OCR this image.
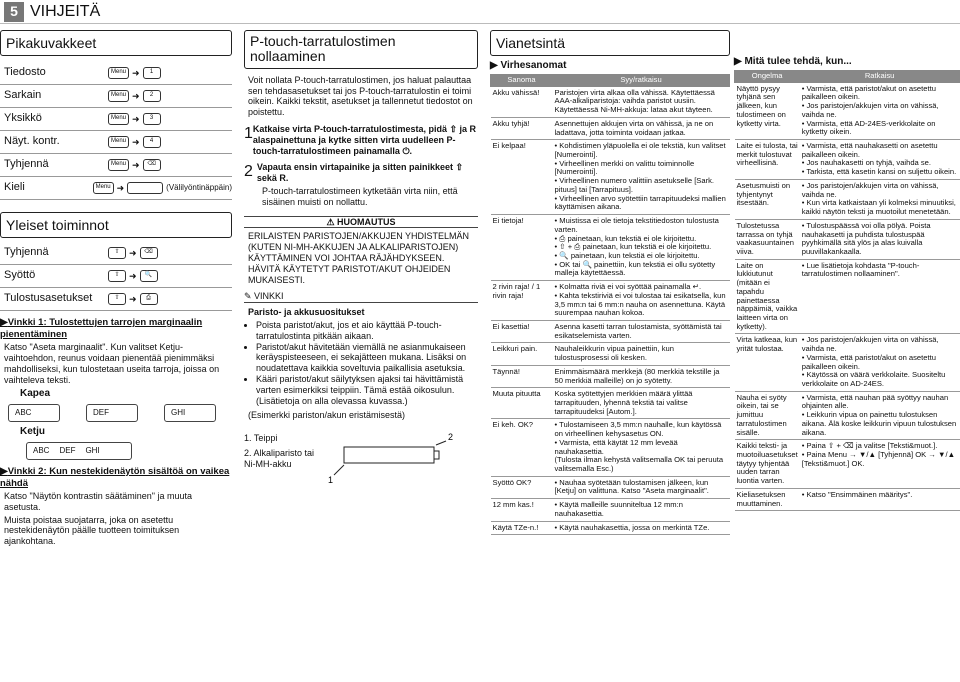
5 VIHJEITÄ
Pikakuvakkeet
Tiedosto	Menu ➜	1
Sarkain	Menu ➜	2
Yksikkö	Menu ➜	3
Näyt. kontr.	Menu ➜	4
Tyhjennä	Menu ➜	⌫
Kieli	Menu ➜	(Välilyöntinäppäin)
Yleiset toiminnot
Tyhjennä	⇧	➜	⌫
Syöttö	⇧	➜	🔍
Tulostusasetukset	⇧	➜	⎙
▶Vinkki 1: Tulostettujen tarrojen marginaalin pienentäminen

Katso "Aseta marginaalit". Kun valitset Ketju-vaihtoehdon, reunus voidaan pienentää pienimmäksi mahdolliseksi, kun tulostetaan useita tarroja, joissa on vaihteleva teksti.

Kapea

ABC	DEF	GHI

Ketju

ABC DEF GHI
▶Vinkki 2: Kun nestekidenäytön sisältöä on vaikea nähdä

Katso "Näytön kontrastin säätäminen" ja muuta asetusta.

Muista poistaa suojatarra, joka on asetettu nestekidenäytön päälle tuotteen toimituksen ajankohtana.

P-touch-tarratulostimen nollaaminen

Voit nollata P-touch-tarratulostimen, jos haluat palauttaa sen tehdasasetukset tai jos P-touch-tarratulostin ei toimi oikein. Kaikki tekstit, asetukset ja tallennetut tiedostot on poistettu.

1 Katkaise virta P-touch-tarratulostimesta, pidä ⇧ ja R alaspainettuna ja kytke sitten virta uudelleen P-touch-tarratulostimeen painamalla ⏻.
2 Vapauta ensin virtapainike ja sitten painikkeet ⇧ sekä R.

P-touch-tarratulostimeen kytketään virta niin, että sisäinen muisti on nollattu.

⚠ HUOMAUTUS

ERILAISTEN PARISTOJEN/AKKUJEN YHDISTELMÄN (KUTEN NI-MH-AKKUJEN JA ALKALIPARISTOJEN) KÄYTTÄMINEN VOI JOHTAA RÄJÄHDYKSEEN. HÄVITÄ KÄYTETYT PARISTOT/AKUT OHJEIDEN MUKAISESTI.

✎ VINKKI

Paristo- ja akkusuositukset

• Poista paristot/akut, jos et aio käyttää P-touch-tarratulostinta pitkään aikaan.
• Paristot/akut hävitetään viemällä ne asianmukaiseen keräyspisteeseen, ei sekajätteen mukana. Lisäksi on noudatettava kaikkia soveltuvia paikallisia asetuksia.
• Kääri paristot/akut säilytyksen ajaksi tai hävittämistä varten esimerkiksi teippiin. Tämä estää oikosulun. (Lisätietoja on alla olevassa kuvassa.)

(Esimerkki pariston/akun eristämisestä)

1. Teippi
2. Alkaliparisto tai Ni-MH-akku
2
1
Vianetsintä
▶ Virhesanomat
Sanoma	Syy/ratkaisu
Akku vähissä!	Paristojen virta alkaa olla vähissä. Käytettäessä AAA-alkaliparistoja: vaihda paristot uusiin. Käytettäessä Ni-MH-akkuja: lataa akut täyteen.
Akku tyhjä!	Asennettujen akkujen virta on vähissä, ja ne on ladattava, jotta toiminta voidaan jatkaa.
Ei kelpaa!	• Kohdistimen yläpuolella ei ole tekstiä, kun valitset [Numerointi].
• Virheellinen merkki on valittu toiminnolle [Numerointi].
• Virheellinen numero valittiin asetukselle [Sark. pituus] tai [Tarrapituus].
• Virheellinen arvo syötettiin tarrapituudeksi mallien käyttämisen aikana.
Ei tietoja!	• Muistissa ei ole tietoja tekstitiedoston tulostusta varten.
• ⎙ painetaan, kun tekstiä ei ole kirjoitettu.
• ⇧ + ⎙ painetaan, kun tekstiä ei ole kirjoitettu.
• 🔍 painetaan, kun tekstiä ei ole kirjoitettu.
• OK tai 🔍 painettiin, kun tekstiä ei ollu syötetty malleja käytettäessä.
2 rivin raja! / 1 rivin raja!	• Kolmatta riviä ei voi syöttää painamalla ↵.
• Kahta tekstiriviä ei voi tulostaa tai esikatsella, kun 3,5 mm:n tai 6 mm:n nauha on asennettuna. Käytä suurempaa nauhan kokoa.
Ei kasettia!	Asenna kasetti tarran tulostamista, syöttämistä tai esikatselemista varten.
Leikkuri pain.	Nauhaleikkurin vipua painettiin, kun tulostusprosessi oli kesken.
Täynnä!	Enimmäismäärä merkkejä (80 merkkiä tekstille ja 50 merkkiä malleille) on jo syötetty.
Muuta pituutta	Koska syötettyjen merkkien määrä ylittää tarrapituuden, lyhennä tekstiä tai valitse tarrapituudeksi [Autom.].
Ei keh. OK?	• Tulostamiseen 3,5 mm:n nauhalle, kun käytössä on virheellinen kehysasetus ON.
• Varmista, että käytät 12 mm leveää nauhakasettia.
(Tulosta ilman kehystä valitsemalla OK tai peruuta valitsemalla Esc.)
Syöttö OK?	• Nauhaa syötetään tulostamisen jälkeen, kun [Ketju] on valittuna. Katso "Aseta marginaalit".
12 mm kas.!	• Käytä malleille suunniteltua 12 mm:n nauhakasettia.
Käytä TZe-n.!	• Käytä nauhakasettia, jossa on merkintä TZe.
▶ Mitä tulee tehdä, kun...
Ongelma	Ratkaisu
Näyttö pysyy tyhjänä sen jälkeen, kun tulostimeen on kytketty virta.	• Varmista, että paristot/akut on asetettu paikalleen oikein.
• Jos paristojen/akkujen virta on vähissä, vaihda ne.
• Varmista, että AD-24ES-verkkolaite on kytketty oikein.
Laite ei tulosta, tai merkit tulostuvat virheellisinä.	• Varmista, että nauhakasetti on asetettu paikalleen oikein.
• Jos nauhakasetti on tyhjä, vaihda se.
• Tarkista, että kasetin kansi on suljettu oikein.
Asetusmuisti on tyhjentynyt itsestään.	• Jos paristojen/akkujen virta on vähissä, vaihda ne.
• Kun virta katkaistaan yli kolmeksi minuutiksi, kaikki näytön teksti ja muotoilut menetetään.
Tulostetussa tarrassa on tyhjä vaakasuuntainen viiva.	• Tulostuspäässä voi olla pölyä. Poista nauhakasetti ja puhdista tulostuspää pyyhkimällä sitä ylös ja alas kuivalla puuvillakankaalla.
Laite on lukkiutunut (mitään ei tapahdu painettaessa näppäimiä, vaikka laitteen virta on kytketty).	• Lue lisätietoja kohdasta "P-touch-tarratulostimen nollaaminen".
Virta katkeaa, kun yrität tulostaa.	• Jos paristojen/akkujen virta on vähissä, vaihda ne.
• Varmista, että paristot/akut on asetettu paikalleen oikein.
• Käytössä on väärä verkkolaite. Suositeltu verkkolaite on AD-24ES.
Nauha ei syöty oikein, tai se jumittuu tarratulostimen sisälle.	• Varmista, että nauhan pää syöttyy nauhan ohjainten alle.
• Leikkurin vipua on painettu tulostuksen aikana. Älä koske leikkurin vipuun tulostuksen aikana.
Kaikki teksti- ja muotoiluasetukset täytyy tyhjentää uuden tarran luontia varten.	• Paina ⇧ + ⌫ ja valitse [Teksti&muot.].
• Paina Menu → ▼/▲ [Tyhjennä] OK → ▼/▲ [Teksti&muot.] OK.
Kieliasetuksen muuttaminen.	• Katso "Ensimmäinen määritys".
